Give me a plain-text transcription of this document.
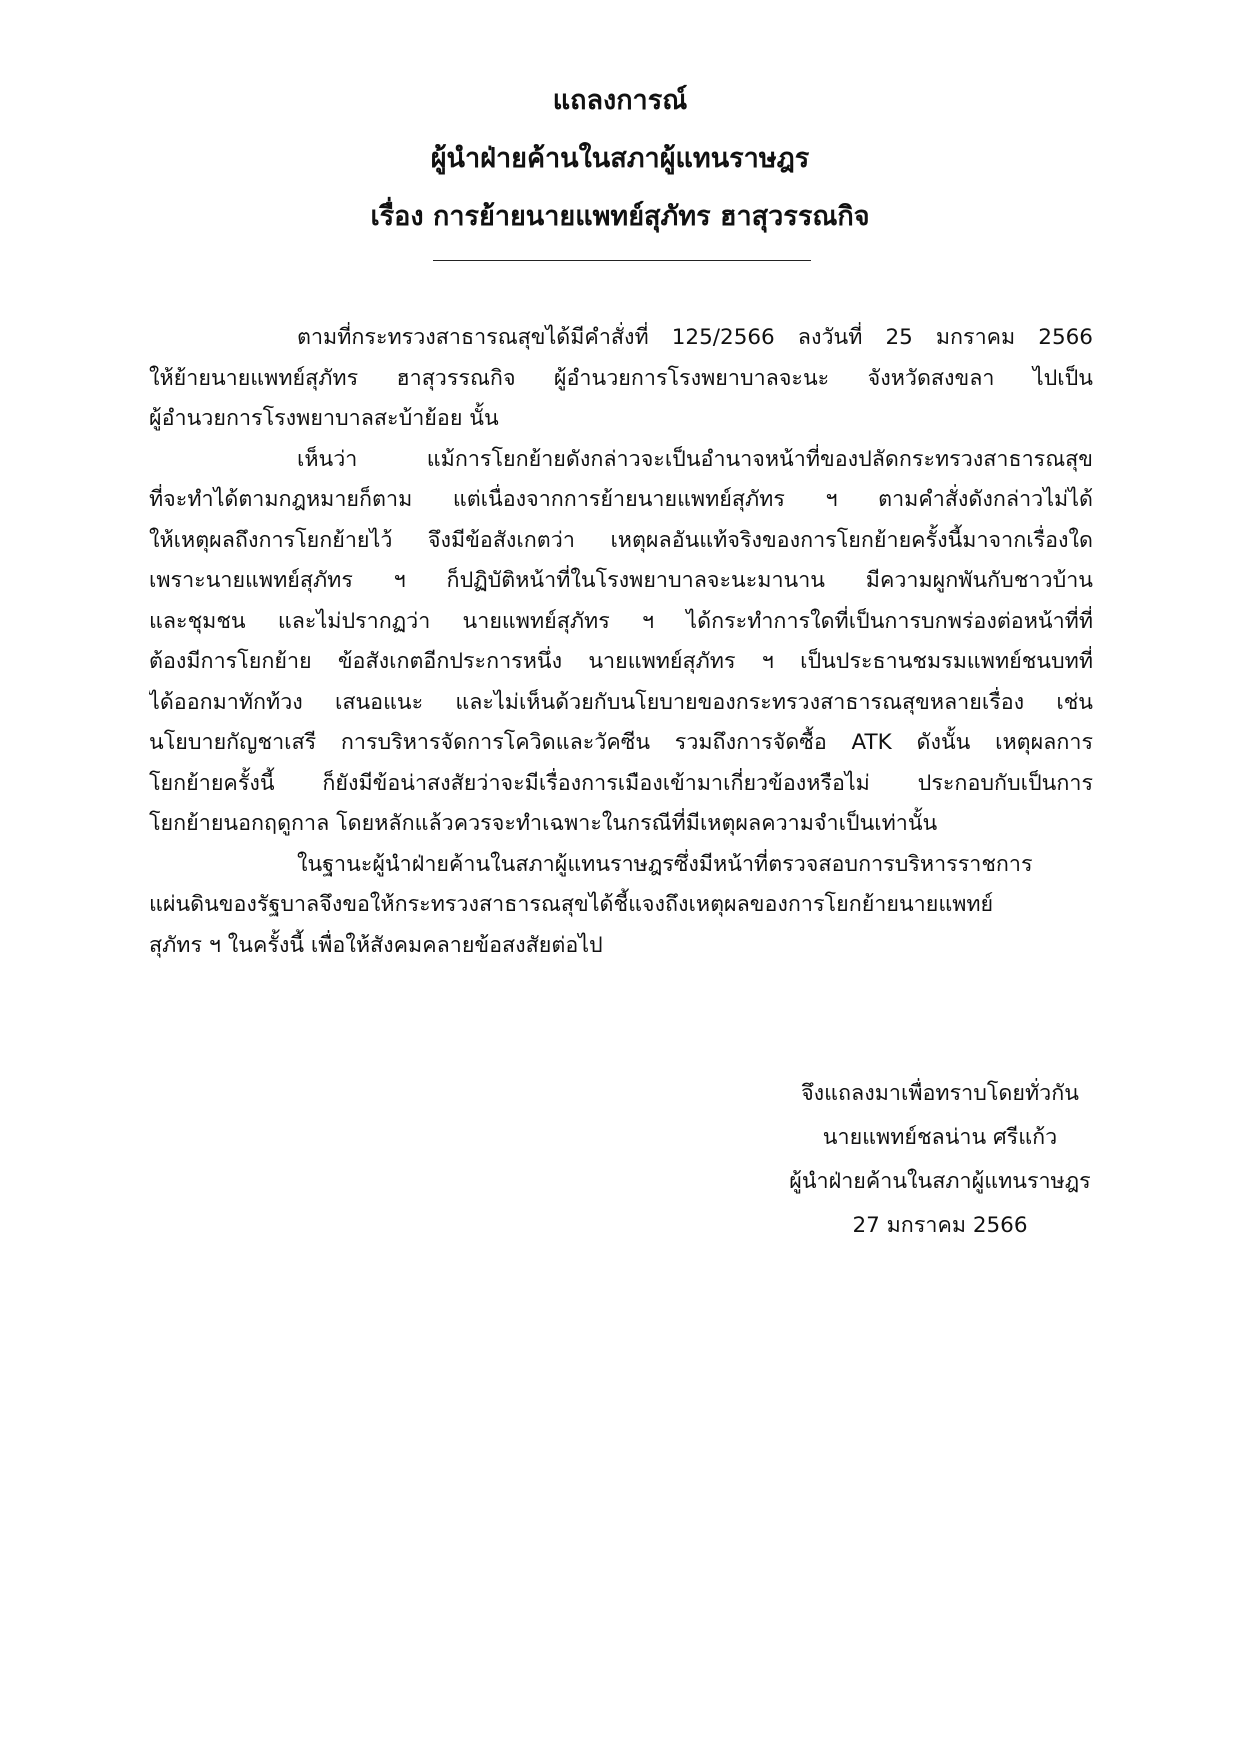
แถลงการณ์
ผู้นำฝ่ายค้านในสภาผู้แทนราษฎร
เรื่อง การย้ายนายแพทย์สุภัทร ฮาสุวรรณกิจ
ตามที่กระทรวงสาธารณสุขได้มีคำสั่งที่ 125/2566 ลงวันที่ 25 มกราคม 2566
ให้ย้ายนายแพทย์สุภัทร ฮาสุวรรณกิจ ผู้อำนวยการโรงพยาบาลจะนะ จังหวัดสงขลา ไปเป็น
ผู้อำนวยการโรงพยาบาลสะบ้าย้อย นั้น
เห็นว่า แม้การโยกย้ายดังกล่าวจะเป็นอำนาจหน้าที่ของปลัดกระทรวงสาธารณสุข
ที่จะทำได้ตามกฎหมายก็ตาม แต่เนื่องจากการย้ายนายแพทย์สุภัทร ฯ ตามคำสั่งดังกล่าวไม่ได้
ให้เหตุผลถึงการโยกย้ายไว้ จึงมีข้อสังเกตว่า เหตุผลอันแท้จริงของการโยกย้ายครั้งนี้มาจากเรื่องใด
เพราะนายแพทย์สุภัทร ฯ ก็ปฏิบัติหน้าที่ในโรงพยาบาลจะนะมานาน มีความผูกพันกับชาวบ้าน
และชุมชน และไม่ปรากฏว่า นายแพทย์สุภัทร ฯ ได้กระทำการใดที่เป็นการบกพร่องต่อหน้าที่ที่
ต้องมีการโยกย้าย ข้อสังเกตอีกประการหนึ่ง นายแพทย์สุภัทร ฯ เป็นประธานชมรมแพทย์ชนบทที่
ได้ออกมาทักท้วง เสนอแนะ และไม่เห็นด้วยกับนโยบายของกระทรวงสาธารณสุขหลายเรื่อง เช่น
นโยบายกัญชาเสรี การบริหารจัดการโควิดและวัคซีน รวมถึงการจัดซื้อ ATK ดังนั้น เหตุผลการ
โยกย้ายครั้งนี้ ก็ยังมีข้อน่าสงสัยว่าจะมีเรื่องการเมืองเข้ามาเกี่ยวข้องหรือไม่ ประกอบกับเป็นการ
โยกย้ายนอกฤดูกาล โดยหลักแล้วควรจะทำเฉพาะในกรณีที่มีเหตุผลความจำเป็นเท่านั้น
ในฐานะผู้นำฝ่ายค้านในสภาผู้แทนราษฎรซึ่งมีหน้าที่ตรวจสอบการบริหารราชการ
แผ่นดินของรัฐบาลจึงขอให้กระทรวงสาธารณสุขได้ชี้แจงถึงเหตุผลของการโยกย้ายนายแพทย์
สุภัทร ฯ ในครั้งนี้ เพื่อให้สังคมคลายข้อสงสัยต่อไป
จึงแถลงมาเพื่อทราบโดยทั่วกัน
นายแพทย์ชลน่าน ศรีแก้ว
ผู้นำฝ่ายค้านในสภาผู้แทนราษฎร
27 มกราคม 2566
